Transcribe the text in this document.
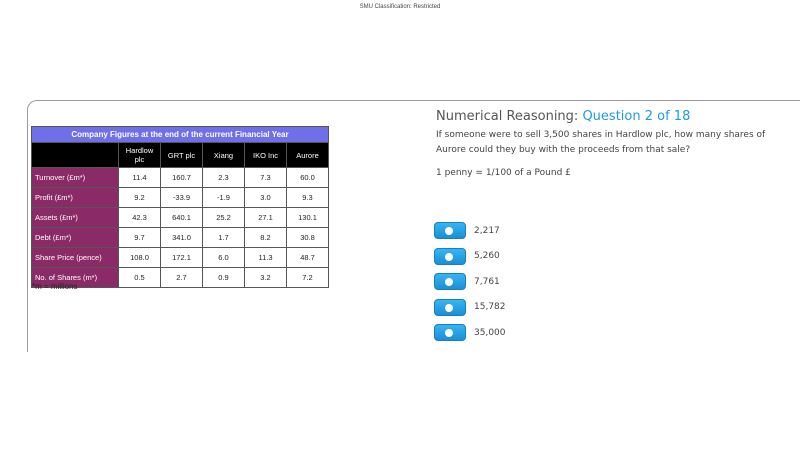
SMU Classification: Restricted
Company Figures at the end of the current Financial Year					
	Hardlow plc	GRT plc	Xiang	IKO Inc	Aurore
Turnover (£m*)	11.4	160.7	2.3	7.3	60.0
Profit (£m*)	9.2	-33.9	-1.9	3.0	9.3
Assets (£m*)	42.3	640.1	25.2	27.1	130.1
Debt (£m*)	9.7	341.0	1.7	8.2	30.8
Share Price (pence)	108.0	172.1	6.0	11.3	48.7
No. of Shares (m*)	0.5	2.7	0.9	3.2	7.2
*m = millions
Numerical Reasoning: Question 2 of 18
If someone were to sell 3,500 shares in Hardlow plc, how many shares of Aurore could they buy with the proceeds from that sale?
1 penny = 1/100 of a Pound £
2,217
5,260
7,761
15,782
35,000
